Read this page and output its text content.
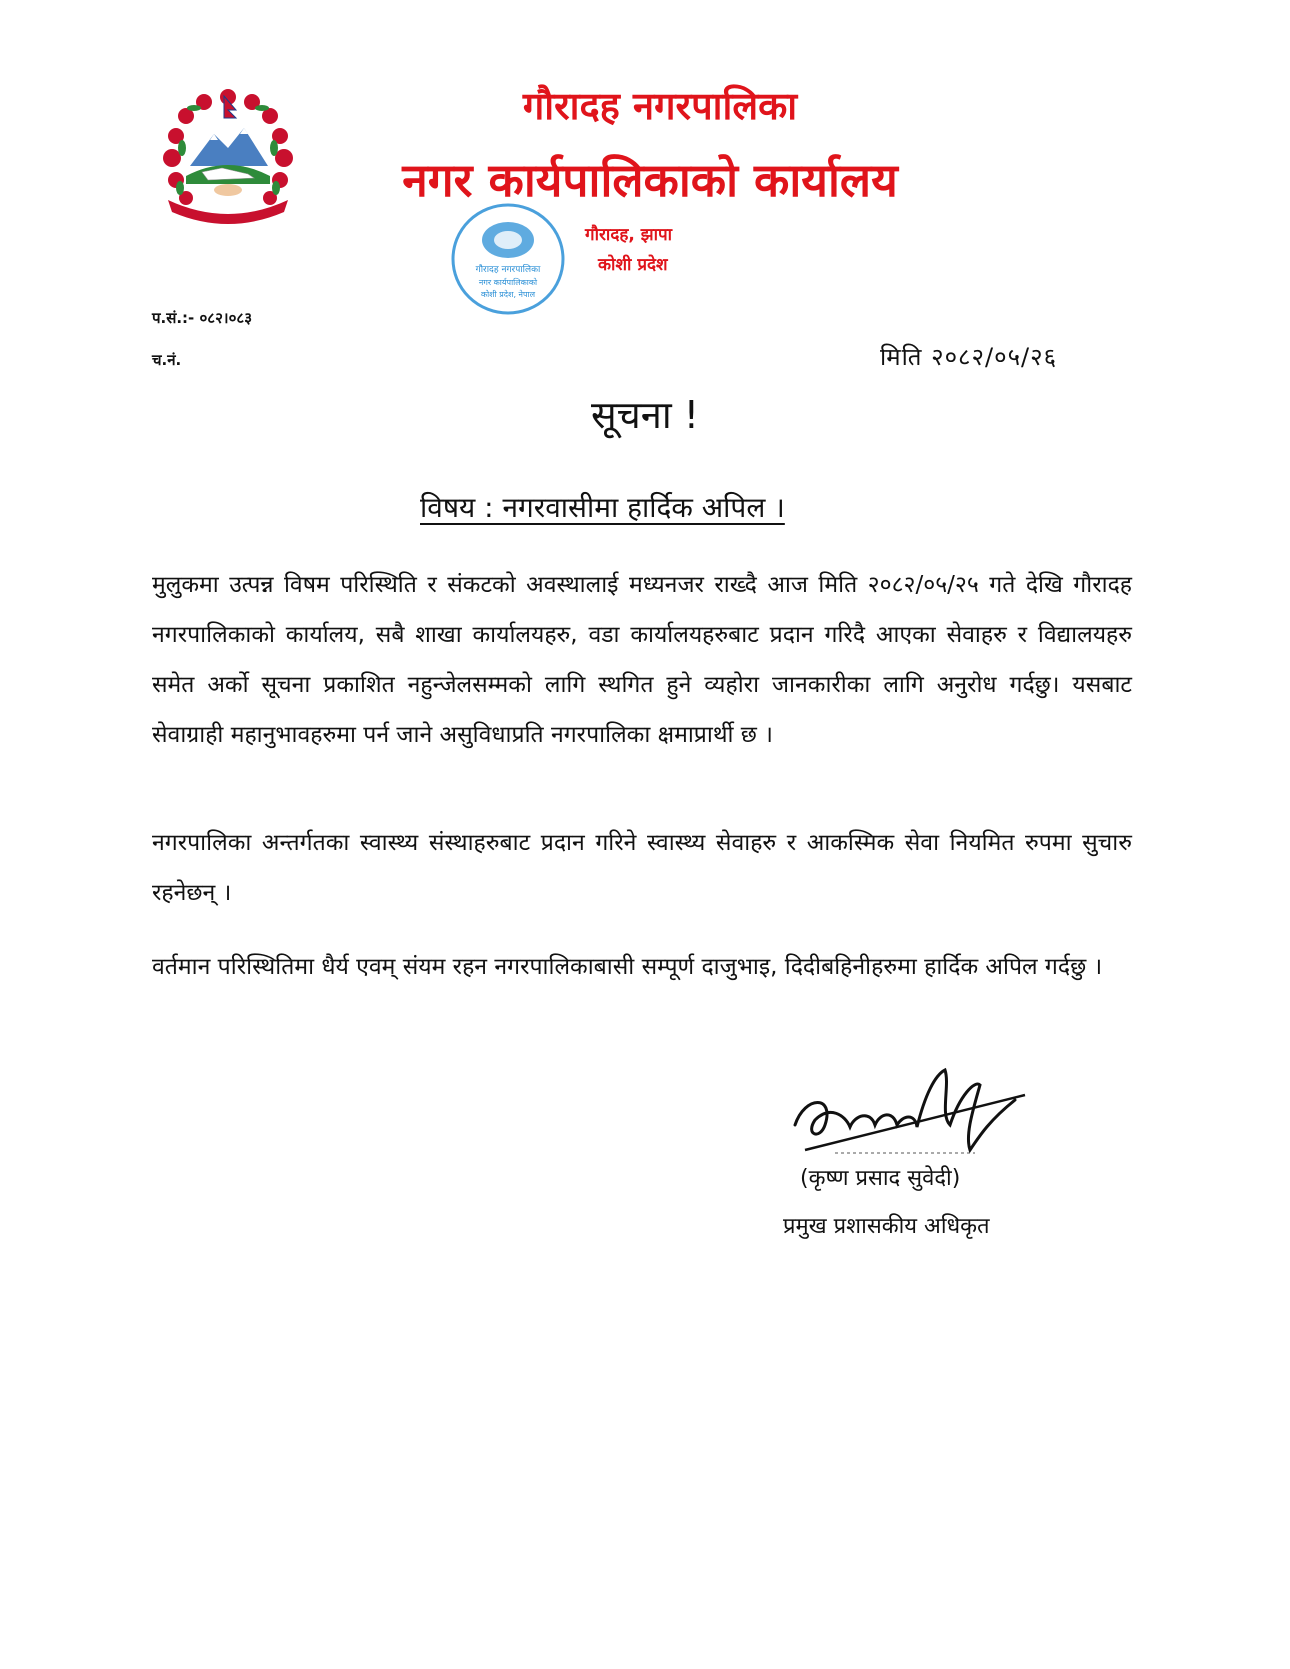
गौरादह नगरपालिका
नगर कार्यपालिकाको कार्यालय
गौरादह नगरपालिका
नगर कार्यपालिकाको
कोशी प्रदेश, नेपाल
गौरादह, झापा
कोशी प्रदेश
प.सं.:- ०८२।०८३
च.नं.	मिति २०८२/०५/२६
सूचना !
विषय : नगरवासीमा हार्दिक अपिल ।
मुलुकमा उत्पन्न विषम परिस्थिति र संकटको अवस्थालाई मध्यनजर राख्दै आज मिति २०८२/०५/२५ गते देखि गौरादह नगरपालिकाको कार्यालय, सबै शाखा कार्यालयहरु, वडा कार्यालयहरुबाट प्रदान गरिदै आएका सेवाहरु र विद्यालयहरु समेत अर्को सूचना प्रकाशित नहुन्जेलसम्मको लागि स्थगित हुने व्यहोरा जानकारीका लागि अनुरोध गर्दछु। यसबाट सेवाग्राही महानुभावहरुमा पर्न जाने असुविधाप्रति नगरपालिका क्षमाप्रार्थी छ ।
नगरपालिका अन्तर्गतका स्वास्थ्य संस्थाहरुबाट प्रदान गरिने स्वास्थ्य सेवाहरु र आकस्मिक सेवा नियमित रुपमा सुचारु रहनेछन् ।
वर्तमान परिस्थितिमा धैर्य एवम् संयम रहन नगरपालिकाबासी सम्पूर्ण दाजुभाइ, दिदीबहिनीहरुमा हार्दिक अपिल गर्दछु ।
(कृष्ण प्रसाद सुवेदी)
प्रमुख प्रशासकीय अधिकृत
